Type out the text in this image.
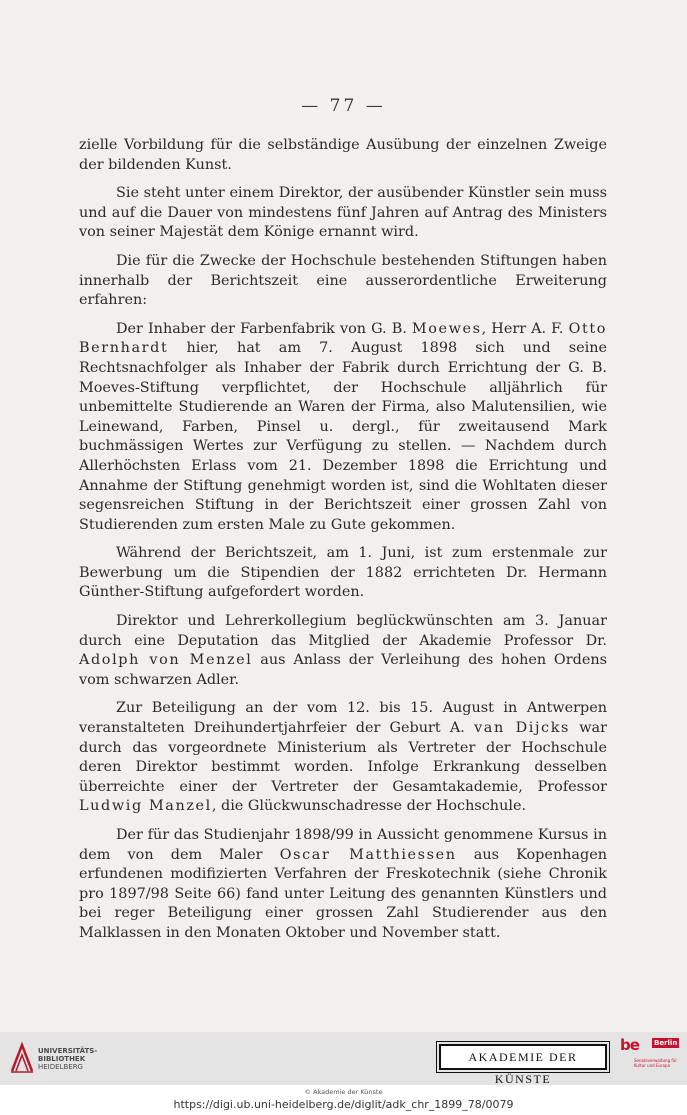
— 77 —

zielle Vorbildung für die selbständige Ausübung der einzelnen Zweige der bildenden Kunst.

Sie steht unter einem Direktor, der ausübender Künstler sein muss und auf die Dauer von mindestens fünf Jahren auf Antrag des Ministers von seiner Majestät dem Könige ernannt wird.

Die für die Zwecke der Hochschule bestehenden Stiftungen haben innerhalb der Berichtszeit eine ausserordentliche Erweiterung erfahren:

Der Inhaber der Farbenfabrik von G. B. Moewes, Herr A. F. Otto Bernhardt hier, hat am 7. August 1898 sich und seine Rechtsnachfolger als Inhaber der Fabrik durch Errichtung der G. B. Moeves-Stiftung verpflichtet, der Hochschule alljährlich für unbemittelte Studierende an Waren der Firma, also Malutensilien, wie Leinewand, Farben, Pinsel u. dergl., für zweitausend Mark buchmässigen Wertes zur Verfügung zu stellen. — Nachdem durch Allerhöchsten Erlass vom 21. Dezember 1898 die Errichtung und Annahme der Stiftung genehmigt worden ist, sind die Wohltaten dieser segensreichen Stiftung in der Berichtszeit einer grossen Zahl von Studierenden zum ersten Male zu Gute gekommen.

Während der Berichtszeit, am 1. Juni, ist zum erstenmale zur Bewerbung um die Stipendien der 1882 errichteten Dr. Hermann Günther-Stiftung aufgefordert worden.

Direktor und Lehrerkollegium beglückwünschten am 3. Januar durch eine Deputation das Mitglied der Akademie Professor Dr. Adolph von Menzel aus Anlass der Verleihung des hohen Ordens vom schwarzen Adler.

Zur Beteiligung an der vom 12. bis 15. August in Antwerpen veranstalteten Dreihundertjahrfeier der Geburt A. van Dijcks war durch das vorgeordnete Ministerium als Vertreter der Hochschule deren Direktor bestimmt worden. Infolge Erkrankung desselben überreichte einer der Vertreter der Gesamtakademie, Professor Ludwig Manzel, die Glückwunschadresse der Hochschule.

Der für das Studienjahr 1898/99 in Aussicht genommene Kursus in dem von dem Maler Oscar Matthiessen aus Kopenhagen erfundenen modifizierten Verfahren der Freskotechnik (siehe Chronik pro 1897/98 Seite 66) fand unter Leitung des genannten Künstlers und bei reger Beteiligung einer grossen Zahl Studierender aus den Malklassen in den Monaten Oktober und November statt.

UNIVERSITÄTS-
BIBLIOTHEK
HEIDELBERG
AKADEMIE DER KÜNSTE
be Berlin
Senatsverwaltung für Kultur und Europa
© Akademie der Künste
https://digi.ub.uni-heidelberg.de/diglit/adk_chr_1899_78/0079
